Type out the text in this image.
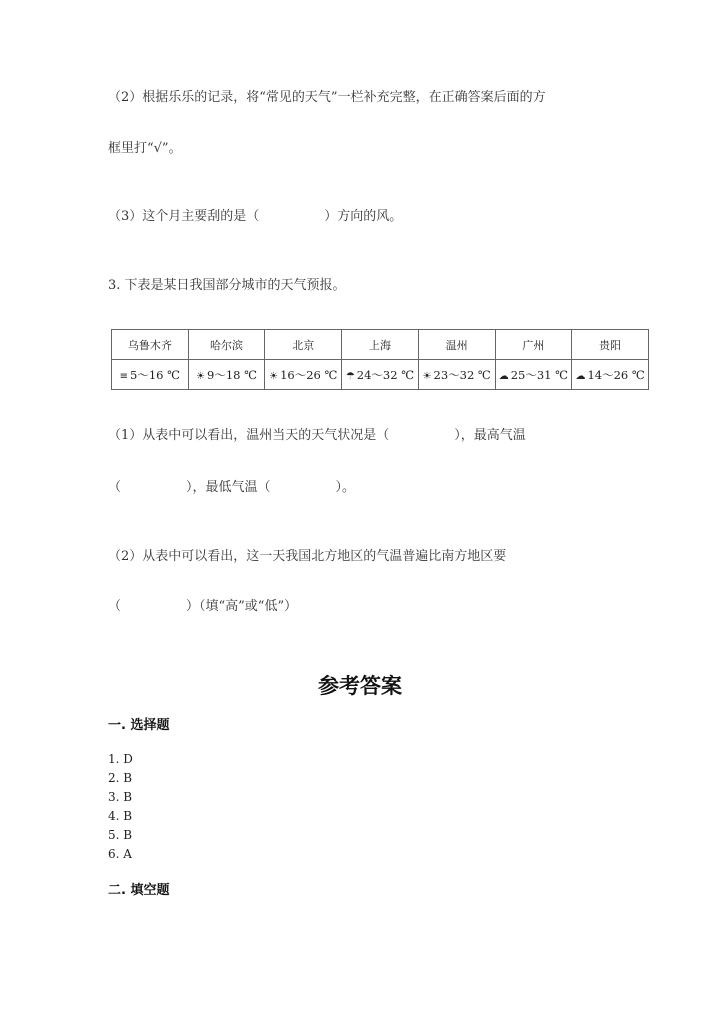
（2）根据乐乐的记录，将“常见的天气”一栏补充完整，在正确答案后面的方
框里打“√”。
（3）这个月主要刮的是（　　　　　）方向的风。
3. 下表是某日我国部分城市的天气预报。
乌鲁木齐	哈尔滨	北京	上海	温州	广州	贵阳
≡ 5～16 ℃	☀ 9～18 ℃	☀ 16～26 ℃	☂ 24～32 ℃	☀ 23～32 ℃	☁ 25～31 ℃	☁ 14～26 ℃
（1）从表中可以看出，温州当天的天气状况是（　　　　　），最高气温
（　　　　　），最低气温（　　　　　）。
（2）从表中可以看出，这一天我国北方地区的气温普遍比南方地区要
（　　　　　）（填“高”或“低”）
参考答案
一. 选择题
1. D
2. B
3. B
4. B
5. B
6. A
二. 填空题
